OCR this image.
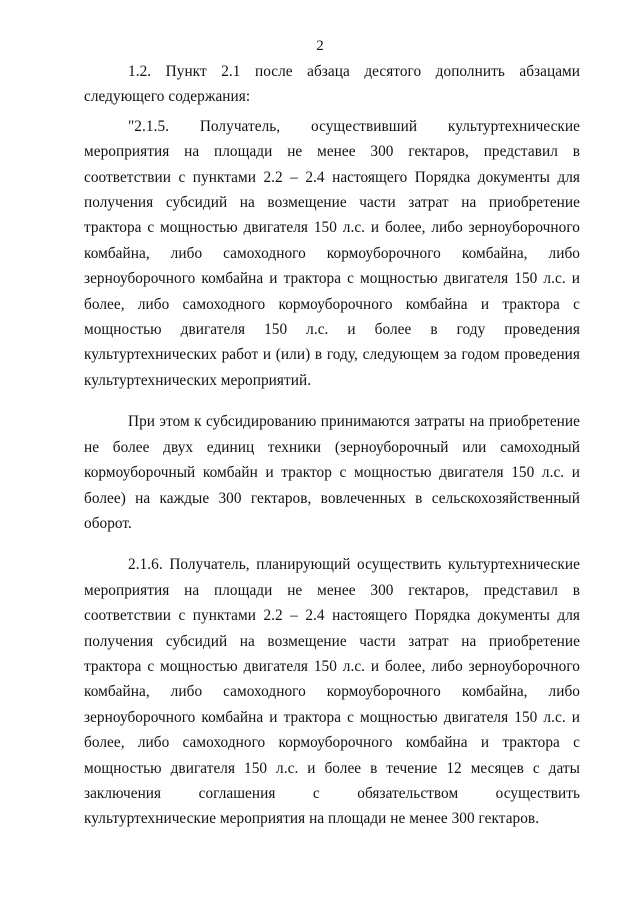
2

1.2. Пункт 2.1 после абзаца десятого дополнить абзацами следующего содержания:

"2.1.5. Получатель, осуществивший культуртехнические мероприятия на площади не менее 300 гектаров, представил в соответствии с пунктами 2.2 – 2.4 настоящего Порядка документы для получения субсидий на возмещение части затрат на приобретение трактора с мощностью двигателя 150 л.с. и более, либо зерноуборочного комбайна, либо самоходного кормоуборочного комбайна, либо зерноуборочного комбайна и трактора с мощностью двигателя 150 л.с. и более, либо самоходного кормоуборочного комбайна и трактора с мощностью двигателя 150 л.с. и более в году проведения культуртехнических работ и (или) в году, следующем за годом проведения культуртехнических мероприятий.

При этом к субсидированию принимаются затраты на приобретение не более двух единиц техники (зерноуборочный или самоходный кормоуборочный комбайн и трактор с мощностью двигателя 150 л.с. и более) на каждые 300 гектаров, вовлеченных в сельскохозяйственный оборот.

2.1.6. Получатель, планирующий осуществить культуртехнические мероприятия на площади не менее 300 гектаров, представил в соответствии с пунктами 2.2 – 2.4 настоящего Порядка документы для получения субсидий на возмещение части затрат на приобретение трактора с мощностью двигателя 150 л.с. и более, либо зерноуборочного комбайна, либо самоходного кормоуборочного комбайна, либо зерноуборочного комбайна и трактора с мощностью двигателя 150 л.с. и более, либо самоходного кормоуборочного комбайна и трактора с мощностью двигателя 150 л.с. и более в течение 12 месяцев с даты заключения соглашения с обязательством осуществить культуртехнические мероприятия на площади не менее 300 гектаров.
